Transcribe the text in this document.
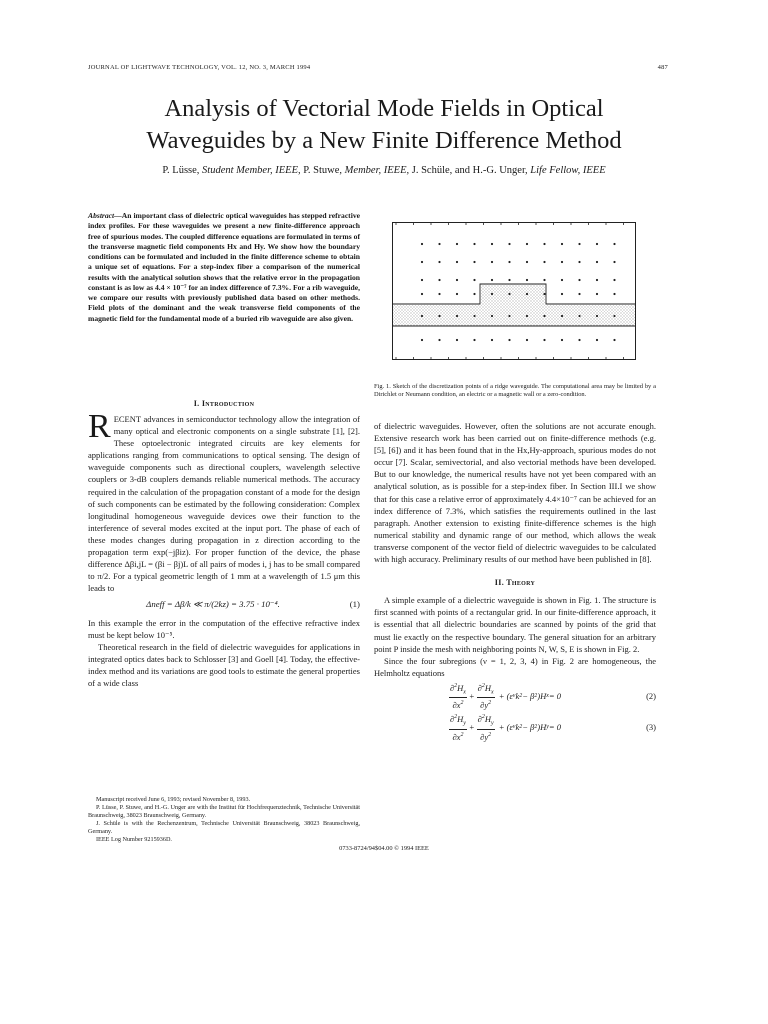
JOURNAL OF LIGHTWAVE TECHNOLOGY, VOL. 12, NO. 3, MARCH 1994	487
Analysis of Vectorial Mode Fields in Optical
Waveguides by a New Finite Difference Method
P. Lüsse, Student Member, IEEE, P. Stuwe, Member, IEEE, J. Schüle, and H.-G. Unger, Life Fellow, IEEE
Abstract—An important class of dielectric optical waveguides has stepped refractive index profiles. For these waveguides we present a new finite-difference approach free of spurious modes. The coupled difference equations are formulated in terms of the transverse magnetic field components Hx and Hy. We show how the boundary conditions can be formulated and included in the finite difference scheme to obtain a unique set of equations. For a step-index fiber a comparison of the numerical results with the analytical solution shows that the relative error in the propagation constant is as low as 4.4 × 10⁻⁷ for an index difference of 7.3%. For a rib waveguide, we compare our results with previously published data based on other methods. Field plots of the dominant and the weak transverse field components of the magnetic field for the fundamental mode of a buried rib waveguide are also given.
I. Introduction

RECENT advances in semiconductor technology allow the integration of many optical and electronic components on a single substrate [1], [2]. These optoelectronic integrated circuits are key elements for applications ranging from communications to optical sensing. The design of waveguide components such as directional couplers, wavelength selective couplers or 3-dB couplers demands reliable numerical methods. The accuracy required in the calculation of the propagation constant of a mode for the design of such components can be estimated by the following consideration: Complex longitudinal homogeneous waveguide devices owe their function to the interference of several modes excited at the input port. The phase of each of these modes changes during propagation in z direction according to the propagation term exp(−jβiz). For proper function of the device, the phase difference Δβi,jL = (βi − βj)L of all pairs of modes i, j has to be small compared to π/2. For a typical geometric length of 1 mm at a wavelength of 1.5 μm this leads to

Δneff = Δβ/k ≪ π/(2kz) = 3.75 · 10⁻⁴.	(1)

In this example the error in the computation of the effective refractive index must be kept below 10⁻⁵.

Theoretical research in the field of dielectric waveguides for applications in integrated optics dates back to Schlosser [3] and Goell [4]. Today, the effective-index method and its variations are good tools to estimate the general properties of a wide class

Manuscript received June 6, 1993; revised November 8, 1993.

P. Lüsse, P. Stuwe, and H.-G. Unger are with the Institut für Hochfrequenztechnik, Technische Universität Braunschweig, 38023 Braunschweig, Germany.

J. Schüle is with the Rechenzentrum, Technische Universität Braunschweig, 38023 Braunschweig, Germany.

IEEE Log Number 9215936D.

Fig. 1. Sketch of the discretization points of a ridge waveguide. The computational area may be limited by a Dirichlet or Neumann condition, an electric or a magnetic wall or a zero-condition.

of dielectric waveguides. However, often the solutions are not accurate enough. Extensive research work has been carried out on finite-difference methods (e.g. [5], [6]) and it has been found that in the Hx,Hy-approach, spurious modes do not occur [7]. Scalar, semivectorial, and also vectorial methods have been developed. But to our knowledge, the numerical results have not yet been compared with an analytical solution, as is possible for a step-index fiber. In Section III.I we show that for this case a relative error of approximately 4.4×10⁻⁷ can be achieved for an index difference of 7.3%, which satisfies the requirements outlined in the last paragraph. Another extension to existing finite-difference schemes is the high numerical stability and dynamic range of our method, which allows the weak transverse component of the vector field of dielectric waveguides to be calculated with high accuracy. Preliminary results of our method have been published in [8].

II. Theory

A simple example of a dielectric waveguide is shown in Fig. 1. The structure is first scanned with points of a rectangular grid. In our finite-difference approach, it is essential that all dielectric boundaries are scanned by points of the grid that must lie exactly on the respective boundary. The general situation for an arbitrary point P inside the mesh with neighboring points N, W, S, E is shown in Fig. 2.

Since the four subregions (ν = 1, 2, 3, 4) in Fig. 2 are homogeneous, the Helmholtz equations

$\frac{\partial^2H_x}{\partial x^2} + \frac{\partial^2H_x}{\partial y^2} + (\varepsilon$ ν k 2 − β 2 )H x = 0	(2)
$\frac{\partial^2H_y}{\partial x^2} + \frac{\partial^2H_y}{\partial y^2} + (\varepsilon$ ν k 2 − β 2 )H y = 0	(3)
0733-8724/94$04.00 © 1994 IEEE
